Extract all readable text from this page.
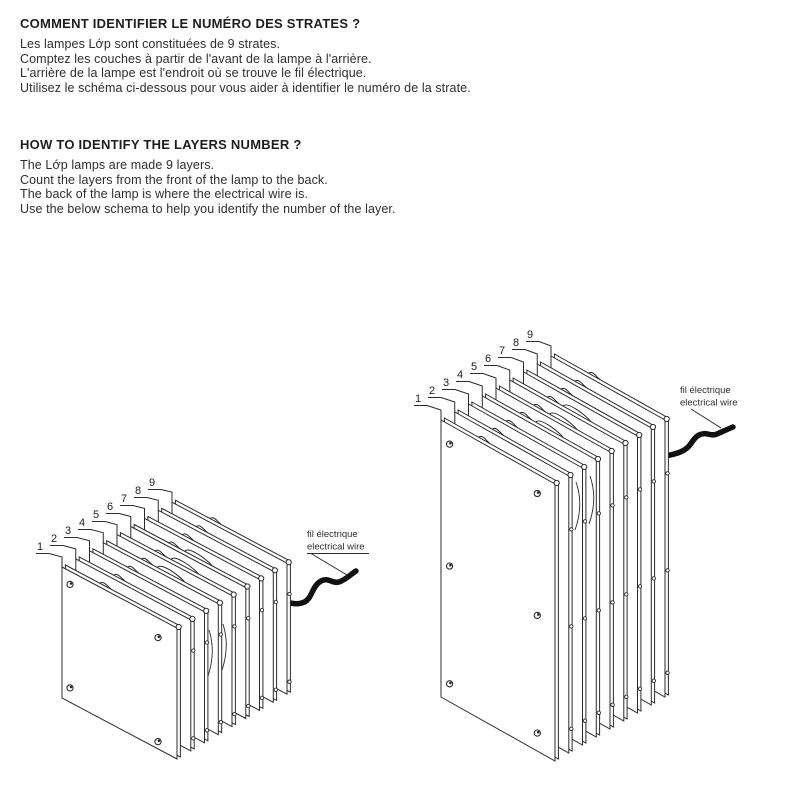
COMMENT IDENTIFIER LE NUMÉRO DES STRATES ?

Les lampes Lớp sont constituées de 9 strates.

Comptez les couches à partir de l'avant de la lampe à l'arrière.

L'arrière de la lampe est l'endroit où se trouve le fil électrique.

Utilisez le schéma ci-dessous pour vous aider à identifier le numéro de la strate.

HOW TO IDENTIFY THE LAYERS NUMBER ?

The Lớp lamps are made 9 layers.

Count the layers from the front of the lamp to the back.

The back of the lamp is where the electrical wire is.

Use the below schema to help you identify the number of the layer.

9
8
7
6
5
4
3
2
1
fil électrique
electrical wire
9
8
7
6
5
4
3
2
1
fil électrique
electrical wire
